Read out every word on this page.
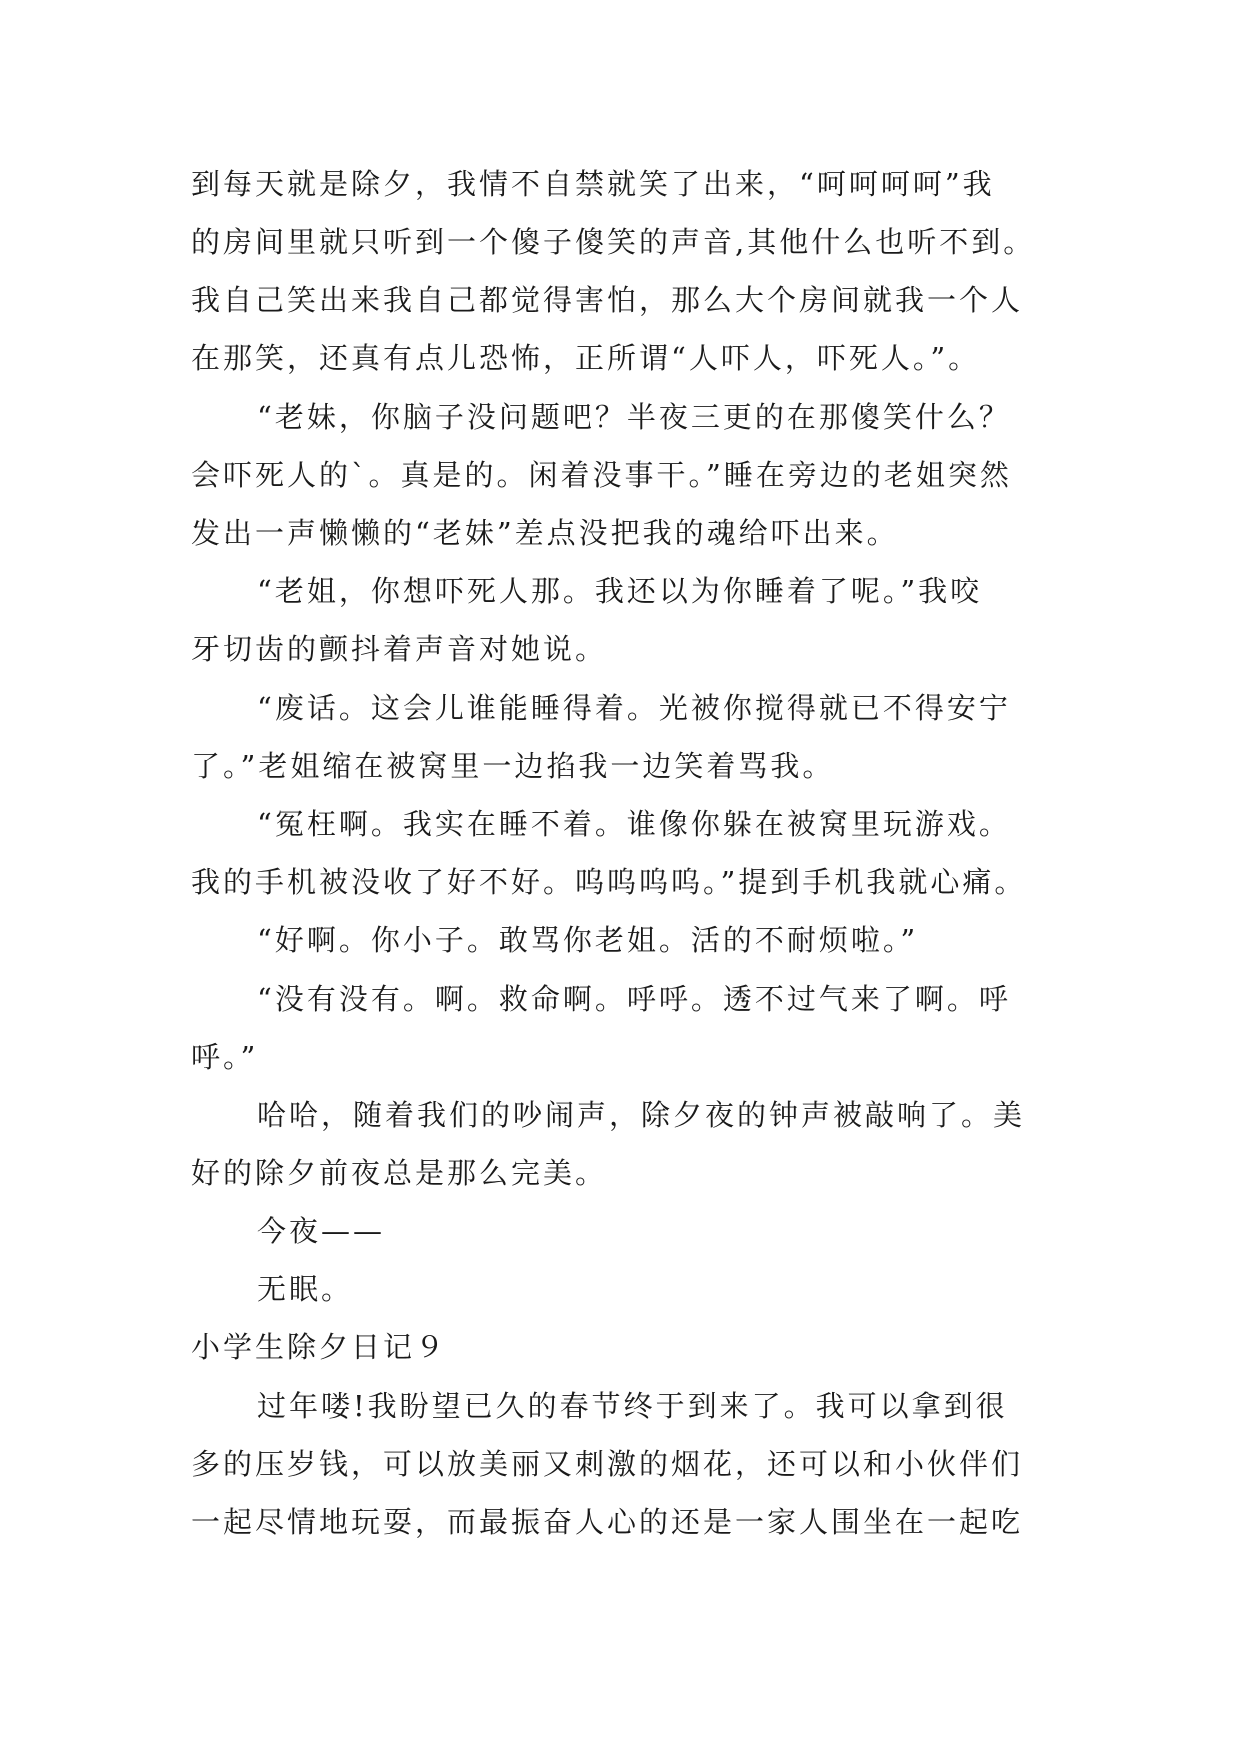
到每天就是除夕，我情不自禁就笑了出来，“呵呵呵呵”我
的房间里就只听到一个傻子傻笑的声音,其他什么也听不到。
我自己笑出来我自己都觉得害怕，那么大个房间就我一个人
在那笑，还真有点儿恐怖，正所谓“人吓人，吓死人。”。
“老妹，你脑子没问题吧？半夜三更的在那傻笑什么？
会吓死人的`。真是的。闲着没事干。”睡在旁边的老姐突然
发出一声懒懒的“老妹”差点没把我的魂给吓出来。
“老姐，你想吓死人那。我还以为你睡着了呢。”我咬
牙切齿的颤抖着声音对她说。
“废话。这会儿谁能睡得着。光被你搅得就已不得安宁
了。”老姐缩在被窝里一边掐我一边笑着骂我。
“冤枉啊。我实在睡不着。谁像你躲在被窝里玩游戏。
我的手机被没收了好不好。呜呜呜呜。”提到手机我就心痛。
“好啊。你小子。敢骂你老姐。活的不耐烦啦。”
“没有没有。啊。救命啊。呼呼。透不过气来了啊。呼
呼。”
哈哈，随着我们的吵闹声，除夕夜的钟声被敲响了。美
好的除夕前夜总是那么完美。
今夜——
无眠。
小学生除夕日记９
过年喽!我盼望已久的春节终于到来了。我可以拿到很
多的压岁钱，可以放美丽又刺激的烟花，还可以和小伙伴们
一起尽情地玩耍，而最振奋人心的还是一家人围坐在一起吃
